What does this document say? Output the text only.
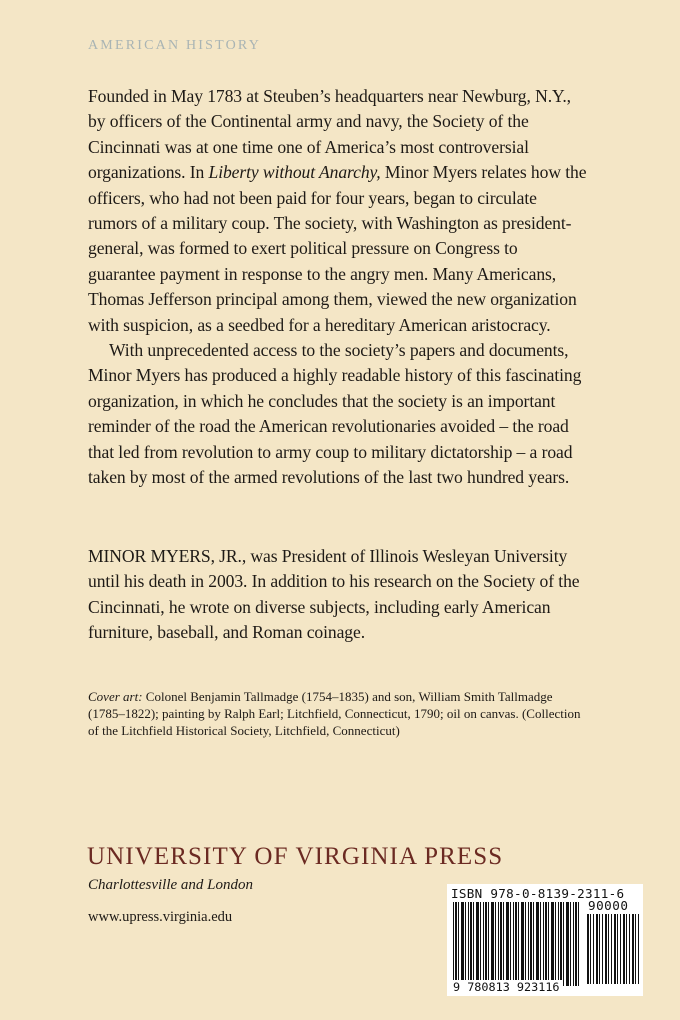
AMERICAN HISTORY

Founded in May 1783 at Steuben’s headquarters near Newburg, N.Y., by officers of the Continental army and navy, the Society of the Cincinnati was at one time one of America’s most controversial organizations. In Liberty without Anarchy, Minor Myers relates how the officers, who had not been paid for four years, began to circulate rumors of a military coup. The society, with Washington as president-general, was formed to exert political pressure on Congress to guarantee payment in response to the angry men. Many Americans, Thomas Jefferson principal among them, viewed the new organization with suspicion, as a seedbed for a hereditary American aristocracy.

With unprecedented access to the society’s papers and documents, Minor Myers has produced a highly readable history of this fascinating organization, in which he concludes that the society is an important reminder of the road the American revolutionaries avoided – the road that led from revolution to army coup to military dictatorship – a road taken by most of the armed revolutions of the last two hundred years.

MINOR MYERS, JR., was President of Illinois Wesleyan University until his death in 2003. In addition to his research on the Society of the Cincinnati, he wrote on diverse subjects, including early American furniture, baseball, and Roman coinage.

Cover art: Colonel Benjamin Tallmadge (1754–1835) and son, William Smith Tallmadge (1785–1822); painting by Ralph Earl; Litchfield, Connecticut, 1790; oil on canvas. (Collection of the Litchfield Historical Society, Litchfield, Connecticut)

UNIVERSITY OF VIRGINIA PRESS
Charlottesville and London
www.upress.virginia.edu
ISBN 978-0-8139-2311-6
90000
9 780813 923116
